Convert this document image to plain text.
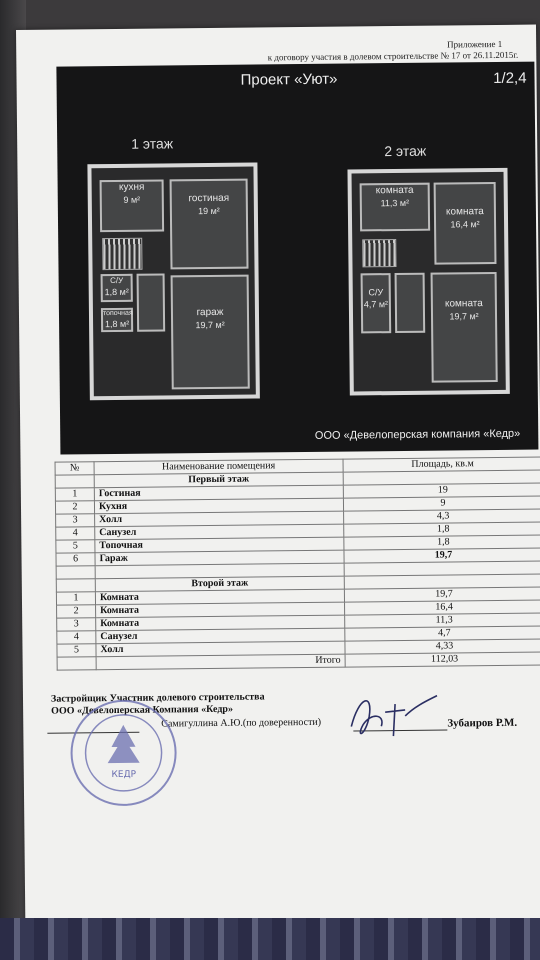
Приложение 1
к договору участия в долевом строительстве № 17 от 26.11.2015г.
Проект «Уют»	1/2,4
1 этаж	2 этаж
кухня
9 м²	гостиная
19 м²
С/У
1,8 м²
топочная
1,8 м²
гараж
19,7 м²
комната
11,3 м²
комната
16,4 м²
С/У
4,7 м²	комната
19,7 м²
ООО «Девелоперская компания «Кедр»
№	Наименование помещения	Площадь, кв.м
	Первый этаж	
1	Гостиная	19
2	Кухня	9
3	Холл	4,3
4	Санузел	1,8
5	Топочная	1,8
6	Гараж	19,7

	Второй этаж	
1	Комната	19,7
2	Комната	16,4
3	Комната	11,3
4	Санузел	4,7
5	Холл	4,33
	Итого	112,03
Застройщик Участник долевого строительства
ООО «Девелоперская Компания «Кедр»
Самигуллина А.Ю.(по доверенности)	Зубаиров Р.М.
КЕДР
